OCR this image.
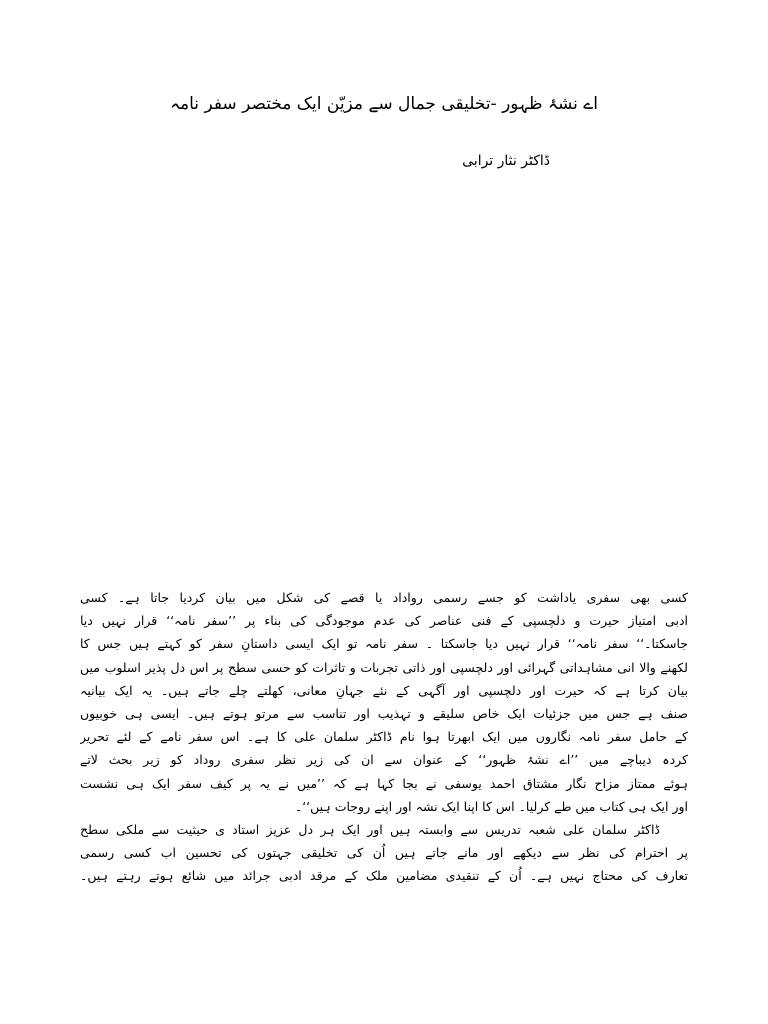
اے نشۂ ظہور -تخلیقی جمال سے مزیّن ایک مختصر سفر نامہ

ڈاکٹر نثار ترابی

کسی بھی سفری یاداشت کو جسے رسمی رواداد یا قصے کی شکل میں بیان کردیا جاتا ہے۔ کسی
ادبی امتیاز حیرت و دلچسپی کے فنی عناصر کی عدم موجودگی کی بناء پر ’’سفر نامہ‘‘ قرار نہیں دیا
جاسکتا۔‘‘ سفر نامہ‘‘ قرار نہیں دیا جاسکتا ۔ سفر نامہ تو ایک ایسی داستانِ سفر کو کہتے ہیں جس کا
لکھنے والا انی مشاہداتی گہرائی اور دلچسپی اور ذاتی تجربات و تاثرات کو حسی سطح پر اس دل پذیر اسلوب میں
بیان کرتا ہے کہ حیرت اور دلچسپی اور آگہی کے نئے جہانِ معانی، کھلتے چلے جاتے ہیں۔ یہ ایک بیانیہ
صنف ہے جس میں جزئیات ایک خاص سلیقے و تہذیب اور تناسب سے مرتو ہوتے ہیں۔ ایسی ہی خوبیوں
کے حامل سفر نامہ نگاروں میں ایک ابھرتا ہوا نام ڈاکٹر سلمان علی کا ہے۔ اس سفر نامے کے لئے تحریر
کردہ دیباچے میں ’’اے نشۂ ظہور‘‘ کے عنوان سے ان کی زیر نظر سفری روداد کو زیر بحث لاتے
ہوئے ممتاز مزاح نگار مشتاق احمد یوسفی نے بجا کہا ہے کہ ’’میں نے یہ پر کیف سفر ایک ہی نشست
اور ایک ہی کتاب میں طے کرلیا۔ اس کا اپنا ایک نشہ اور اپنے روجات ہیں‘‘۔
ڈاکٹر سلمان علی شعبہ تدریس سے وابستہ ہیں اور ایک ہر دل عزیز استاد ی حیثیت سے ملکی سطح
پر احترام کی نظر سے دیکھے اور مانے جاتے ہیں اُن کی تخلیقی جہتوں کی تحسین اب کسی رسمی
تعارف کی محتاج نہیں ہے۔ اُن کے تنقیدی مضامین ملک کے مرقد ادبی جرائد میں شائع ہوتے رہتے ہیں۔
